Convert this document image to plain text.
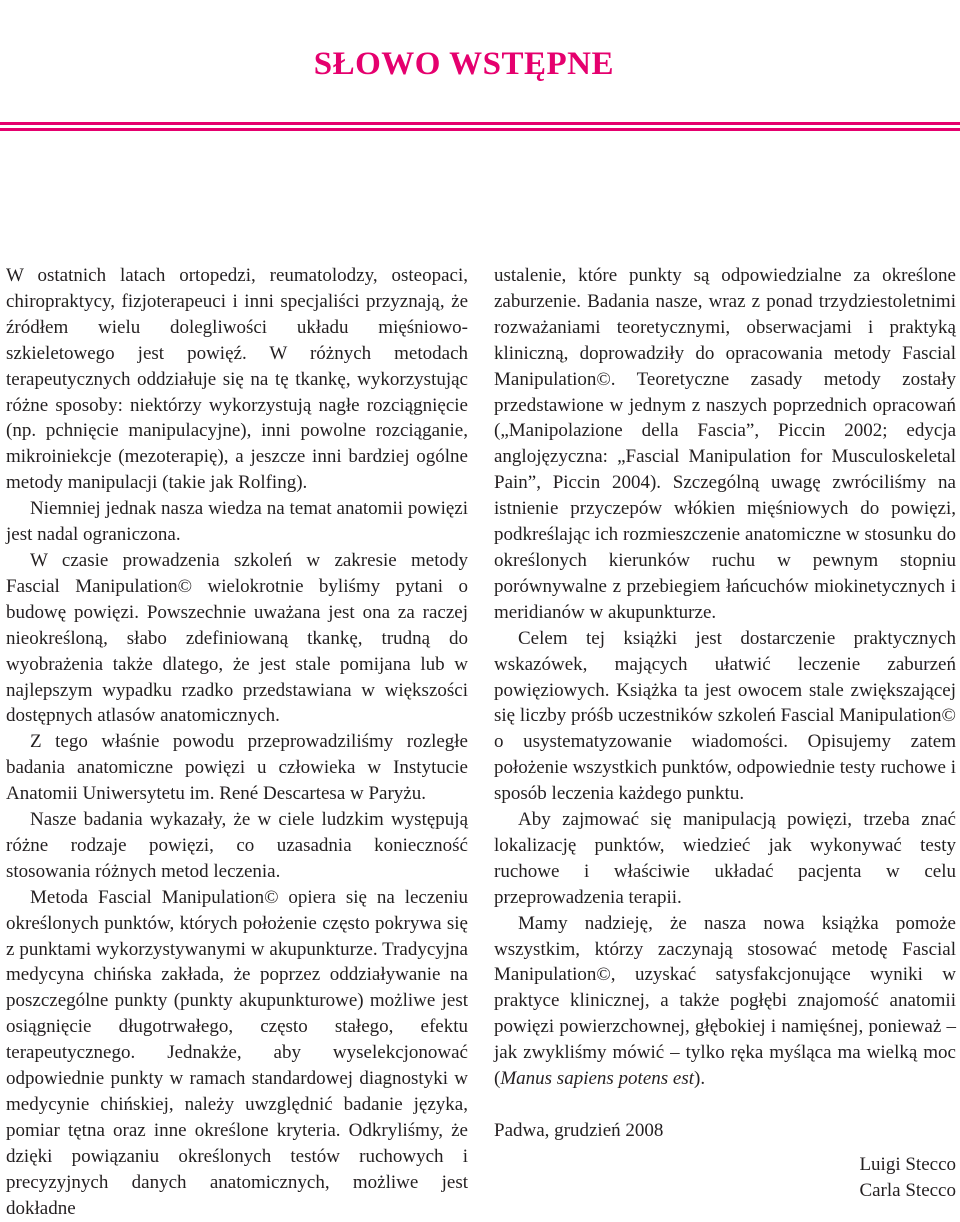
SŁOWO WSTĘPNE

W ostatnich latach ortopedzi, reumatolodzy, osteopaci, chiropraktycy, fizjoterapeuci i inni specjaliści przyznają, że źródłem wielu dolegliwości układu mięśniowo-szkieletowego jest powięź. W różnych metodach terapeutycznych oddziałuje się na tę tkankę, wykorzystując różne sposoby: niektórzy wykorzystują nagłe rozciągnięcie (np. pchnięcie manipulacyjne), inni powolne rozciąganie, mikroiniekcje (mezoterapię), a jeszcze inni bardziej ogólne metody manipulacji (takie jak Rolfing).

Niemniej jednak nasza wiedza na temat anatomii powięzi jest nadal ograniczona.

W czasie prowadzenia szkoleń w zakresie metody Fascial Manipulation© wielokrotnie byliśmy pytani o budowę powięzi. Powszechnie uważana jest ona za raczej nieokreśloną, słabo zdefiniowaną tkankę, trudną do wyobrażenia także dlatego, że jest stale pomijana lub w najlepszym wypadku rzadko przedstawiana w większości dostępnych atlasów anatomicznych.

Z tego właśnie powodu przeprowadziliśmy rozległe badania anatomiczne powięzi u człowieka w Instytucie Anatomii Uniwersytetu im. René Descartesa w Paryżu.

Nasze badania wykazały, że w ciele ludzkim występują różne rodzaje powięzi, co uzasadnia konieczność stosowania różnych metod leczenia.

Metoda Fascial Manipulation© opiera się na leczeniu określonych punktów, których położenie często pokrywa się z punktami wykorzystywanymi w akupunkturze. Tradycyjna medycyna chińska zakłada, że poprzez oddziaływanie na poszczególne punkty (punkty akupunkturowe) możliwe jest osiągnięcie długotrwałego, często stałego, efektu terapeutycznego. Jednakże, aby wyselekcjonować odpowiednie punkty w ramach standardowej diagnostyki w medycynie chińskiej, należy uwzględnić badanie języka, pomiar tętna oraz inne określone kryteria. Odkryliśmy, że dzięki powiązaniu określonych testów ruchowych i precyzyjnych danych anatomicznych, możliwe jest dokładne

ustalenie, które punkty są odpowiedzialne za określone zaburzenie. Badania nasze, wraz z ponad trzydziestoletnimi rozważaniami teoretycznymi, obserwacjami i praktyką kliniczną, doprowadziły do opracowania metody Fascial Manipulation©. Teoretyczne zasady metody zostały przedstawione w jednym z naszych poprzednich opracowań („Manipolazione della Fascia”, Piccin 2002; edycja anglojęzyczna: „Fascial Manipulation for Musculoskeletal Pain”, Piccin 2004). Szczególną uwagę zwróciliśmy na istnienie przyczepów włókien mięśniowych do powięzi, podkreślając ich rozmieszczenie anatomiczne w stosunku do określonych kierunków ruchu w pewnym stopniu porównywalne z przebiegiem łańcuchów miokinetycznych i meridianów w akupunkturze.

Celem tej książki jest dostarczenie praktycznych wskazówek, mających ułatwić leczenie zaburzeń powięziowych. Książka ta jest owocem stale zwiększającej się liczby próśb uczestników szkoleń Fascial Manipulation© o usystematyzowanie wiadomości. Opisujemy zatem położenie wszystkich punktów, odpowiednie testy ruchowe i sposób leczenia każdego punktu.

Aby zajmować się manipulacją powięzi, trzeba znać lokalizację punktów, wiedzieć jak wykonywać testy ruchowe i właściwie układać pacjenta w celu przeprowadzenia terapii.

Mamy nadzieję, że nasza nowa książka pomoże wszystkim, którzy zaczynają stosować metodę Fascial Manipulation©, uzyskać satysfakcjonujące wyniki w praktyce klinicznej, a także pogłębi znajomość anatomii powięzi powierzchownej, głębokiej i namięśnej, ponieważ – jak zwykliśmy mówić – tylko ręka myśląca ma wielką moc (Manus sapiens potens est).

Padwa, grudzień 2008

Luigi Stecco
Carla Stecco
